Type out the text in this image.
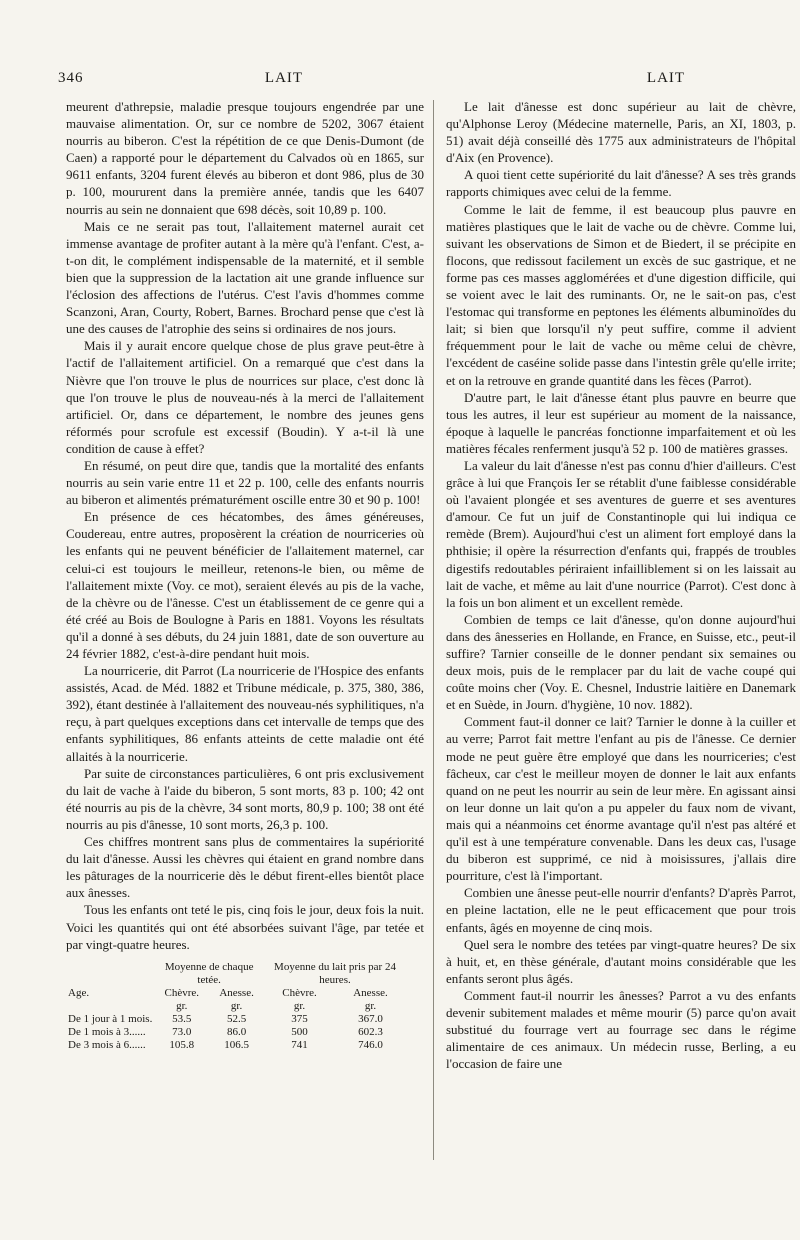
346	LAIT	LAIT

meurent d'athrepsie, maladie presque toujours engendrée par une mauvaise alimentation. Or, sur ce nombre de 5202, 3067 étaient nourris au biberon. C'est la répétition de ce que Denis-Dumont (de Caen) a rapporté pour le département du Calvados où en 1865, sur 9611 enfants, 3204 furent élevés au biberon et dont 986, plus de 30 p. 100, moururent dans la première année, tandis que les 6407 nourris au sein ne donnaient que 698 décès, soit 10,89 p. 100.

Mais ce ne serait pas tout, l'allaitement maternel aurait cet immense avantage de profiter autant à la mère qu'à l'enfant. C'est, a-t-on dit, le complément indispensable de la maternité, et il semble bien que la suppression de la lactation ait une grande influence sur l'éclosion des affections de l'utérus. C'est l'avis d'hommes comme Scanzoni, Aran, Courty, Robert, Barnes. Brochard pense que c'est là une des causes de l'atrophie des seins si ordinaires de nos jours.

Mais il y aurait encore quelque chose de plus grave peut-être à l'actif de l'allaitement artificiel. On a remarqué que c'est dans la Nièvre que l'on trouve le plus de nourrices sur place, c'est donc là que l'on trouve le plus de nouveau-nés à la merci de l'allaitement artificiel. Or, dans ce département, le nombre des jeunes gens réformés pour scrofule est excessif (Boudin). Y a-t-il là une condition de cause à effet?

En résumé, on peut dire que, tandis que la mortalité des enfants nourris au sein varie entre 11 et 22 p. 100, celle des enfants nourris au biberon et alimentés prématurément oscille entre 30 et 90 p. 100!

En présence de ces hécatombes, des âmes généreuses, Coudereau, entre autres, proposèrent la création de nourriceries où les enfants qui ne peuvent bénéficier de l'allaitement maternel, car celui-ci est toujours le meilleur, retenons-le bien, ou même de l'allaitement mixte (Voy. ce mot), seraient élevés au pis de la vache, de la chèvre ou de l'ânesse. C'est un établissement de ce genre qui a été créé au Bois de Boulogne à Paris en 1881. Voyons les résultats qu'il a donné à ses débuts, du 24 juin 1881, date de son ouverture au 24 février 1882, c'est-à-dire pendant huit mois.

La nourricerie, dit Parrot (La nourricerie de l'Hospice des enfants assistés, Acad. de Méd. 1882 et Tribune médicale, p. 375, 380, 386, 392), étant destinée à l'allaitement des nouveau-nés syphilitiques, n'a reçu, à part quelques exceptions dans cet intervalle de temps que des enfants syphilitiques, 86 enfants atteints de cette maladie ont été allaités à la nourricerie.

Par suite de circonstances particulières, 6 ont pris exclusivement du lait de vache à l'aide du biberon, 5 sont morts, 83 p. 100; 42 ont été nourris au pis de la chèvre, 34 sont morts, 80,9 p. 100; 38 ont été nourris au pis d'ânesse, 10 sont morts, 26,3 p. 100.

Ces chiffres montrent sans plus de commentaires la supériorité du lait d'ânesse. Aussi les chèvres qui étaient en grand nombre dans les pâturages de la nourricerie dès le début firent-elles bientôt place aux ânesses.

Tous les enfants ont teté le pis, cinq fois le jour, deux fois la nuit. Voici les quantités qui ont été absorbées suivant l'âge, par tetée et par vingt-quatre heures.

	Moyenne de chaque tetée.		Moyenne du lait pris par 24 heures.	
Age.	Chèvre.	Anesse.	Chèvre.	Anesse.
	gr.	gr.	gr.	gr.
De 1 jour à 1 mois.	53.5	52.5	375	367.0
De 1 mois à 3......	73.0	86.0	500	602.3
De 3 mois à 6......	105.8	106.5	741	746.0

Le lait d'ânesse est donc supérieur au lait de chèvre, qu'Alphonse Leroy (Médecine maternelle, Paris, an XI, 1803, p. 51) avait déjà conseillé dès 1775 aux administrateurs de l'hôpital d'Aix (en Provence).

A quoi tient cette supériorité du lait d'ânesse? A ses très grands rapports chimiques avec celui de la femme.

Comme le lait de femme, il est beaucoup plus pauvre en matières plastiques que le lait de vache ou de chèvre. Comme lui, suivant les observations de Simon et de Biedert, il se précipite en flocons, que redissout facilement un excès de suc gastrique, et ne forme pas ces masses agglomérées et d'une digestion difficile, qui se voient avec le lait des ruminants. Or, ne le sait-on pas, c'est l'estomac qui transforme en peptones les éléments albuminoïdes du lait; si bien que lorsqu'il n'y peut suffire, comme il advient fréquemment pour le lait de vache ou même celui de chèvre, l'excédent de caséine solide passe dans l'intestin grêle qu'elle irrite; et on la retrouve en grande quantité dans les fèces (Parrot).

D'autre part, le lait d'ânesse étant plus pauvre en beurre que tous les autres, il leur est supérieur au moment de la naissance, époque à laquelle le pancréas fonctionne imparfaitement et où les matières fécales renferment jusqu'à 52 p. 100 de matières grasses.

La valeur du lait d'ânesse n'est pas connu d'hier d'ailleurs. C'est grâce à lui que François Ier se rétablit d'une faiblesse considérable où l'avaient plongée et ses aventures de guerre et ses aventures d'amour. Ce fut un juif de Constantinople qui lui indiqua ce remède (Brem). Aujourd'hui c'est un aliment fort employé dans la phthisie; il opère la résurrection d'enfants qui, frappés de troubles digestifs redoutables périraient infailliblement si on les laissait au lait de vache, et même au lait d'une nourrice (Parrot). C'est donc à la fois un bon aliment et un excellent remède.

Combien de temps ce lait d'ânesse, qu'on donne aujourd'hui dans des ânesseries en Hollande, en France, en Suisse, etc., peut-il suffire? Tarnier conseille de le donner pendant six semaines ou deux mois, puis de le remplacer par du lait de vache coupé qui coûte moins cher (Voy. E. Chesnel, Industrie laitière en Danemark et en Suède, in Journ. d'hygiène, 10 nov. 1882).

Comment faut-il donner ce lait? Tarnier le donne à la cuiller et au verre; Parrot fait mettre l'enfant au pis de l'ânesse. Ce dernier mode ne peut guère être employé que dans les nourriceries; c'est fâcheux, car c'est le meilleur moyen de donner le lait aux enfants quand on ne peut les nourrir au sein de leur mère. En agissant ainsi on leur donne un lait qu'on a pu appeler du faux nom de vivant, mais qui a néanmoins cet énorme avantage qu'il n'est pas altéré et qu'il est à une température convenable. Dans les deux cas, l'usage du biberon est supprimé, ce nid à moisissures, j'allais dire pourriture, c'est là l'important.

Combien une ânesse peut-elle nourrir d'enfants? D'après Parrot, en pleine lactation, elle ne le peut efficacement que pour trois enfants, âgés en moyenne de cinq mois.

Quel sera le nombre des tetées par vingt-quatre heures? De six à huit, et, en thèse générale, d'autant moins considérable que les enfants seront plus âgés.

Comment faut-il nourrir les ânesses? Parrot a vu des enfants devenir subitement malades et même mourir (5) parce qu'on avait substitué du fourrage vert au fourrage sec dans le régime alimentaire de ces animaux. Un médecin russe, Berling, a eu l'occasion de faire une
